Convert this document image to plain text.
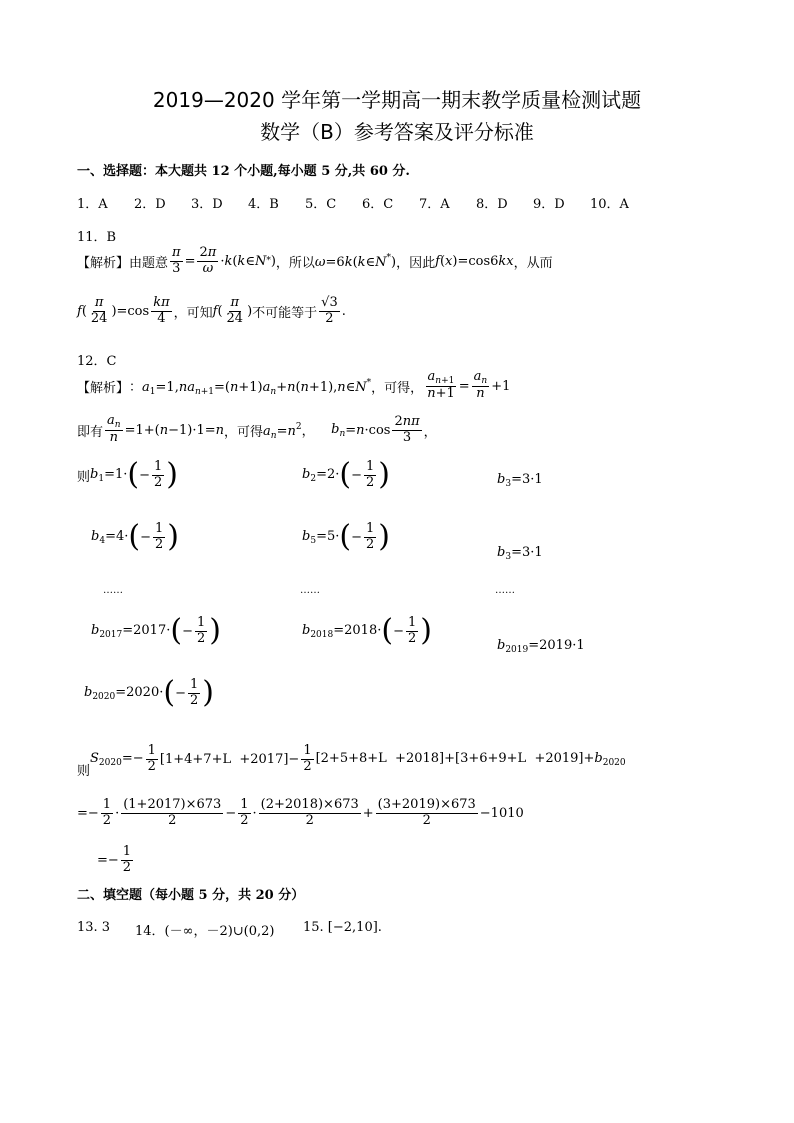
2019—2020 学年第一学期高一期末教学质量检测试题
数学（B）参考答案及评分标准
一、选择题：本大题共 12 个小题,每小题 5 分,共 60 分.
1．A	2．D	3．D	4．B	5．C	6．C	7．A	8．D	9．D	10．A
11．B
【解析】 由题意 $\frac{\pi}{3} = \frac{2\pi}{\omega} \cdot k$ ( k ∈ N * ) ，所以 ω=6k(k∈N*) ，因此 f(x)=cos6kx ，从而
f ( $\frac{\pi}{24} )=\cos \frac{k\pi}{4}$ ，可知 f ( $\frac{\pi}{24}$ ) 不可能等于 $\frac{√3}{2}$ .
12．C
【解析】 ：$a_1=1,na_{n+1}=(n+1)a_n+n(n+1),n\in N^*$ ，可得， $\frac{a_{n+1}}{n+1} = \frac{a_n}{n} +1$
即有 $\frac{a_n}{n} =1+$( n −1)·1= n ，可得 $a_n=n^2$， $b_n = n \cdot\cos \frac{2n\pi}{3}$ ，
则 $b_1=1\cdot$ ( − $\frac{1}{2}$ )	$b_2=2\cdot$ ( − $\frac{1}{2}$ )	$b_3=3\cdot 1$
$b_4=4\cdot$ ( − $\frac{1}{2}$ )	$b_5=5\cdot$ ( − $\frac{1}{2}$ )	$b_3=3\cdot 1$
……	……	……
$b_{2017}=2017\cdot$ ( − $\frac{1}{2}$ )	$b_{2018}=2018\cdot$ ( − $\frac{1}{2}$ )	$b_{2019}=2019\cdot 1$
$b_{2020}=2020\cdot$ ( − $\frac{1}{2}$ )
则
$S_{2020}=- \frac{1}{2} [1+4+7+L +2017]- \frac{1}{2} [2+5+8+L +2018]+[3+6+9+L +2019]+b_{2020}$
=− $\frac{1}{2} \cdot \frac{(1+2017)\times 673}{2} - \frac{1}{2} \cdot \frac{(2+2018)\times 673}{2} + \frac{(3+2019)\times 673}{2} -1010$
=− $\frac{1}{2}$
二、填空题（每小题 5 分，共 20 分）
13. 3	14．(－∞，－2)∪(0,2)	15. [−2,10].
